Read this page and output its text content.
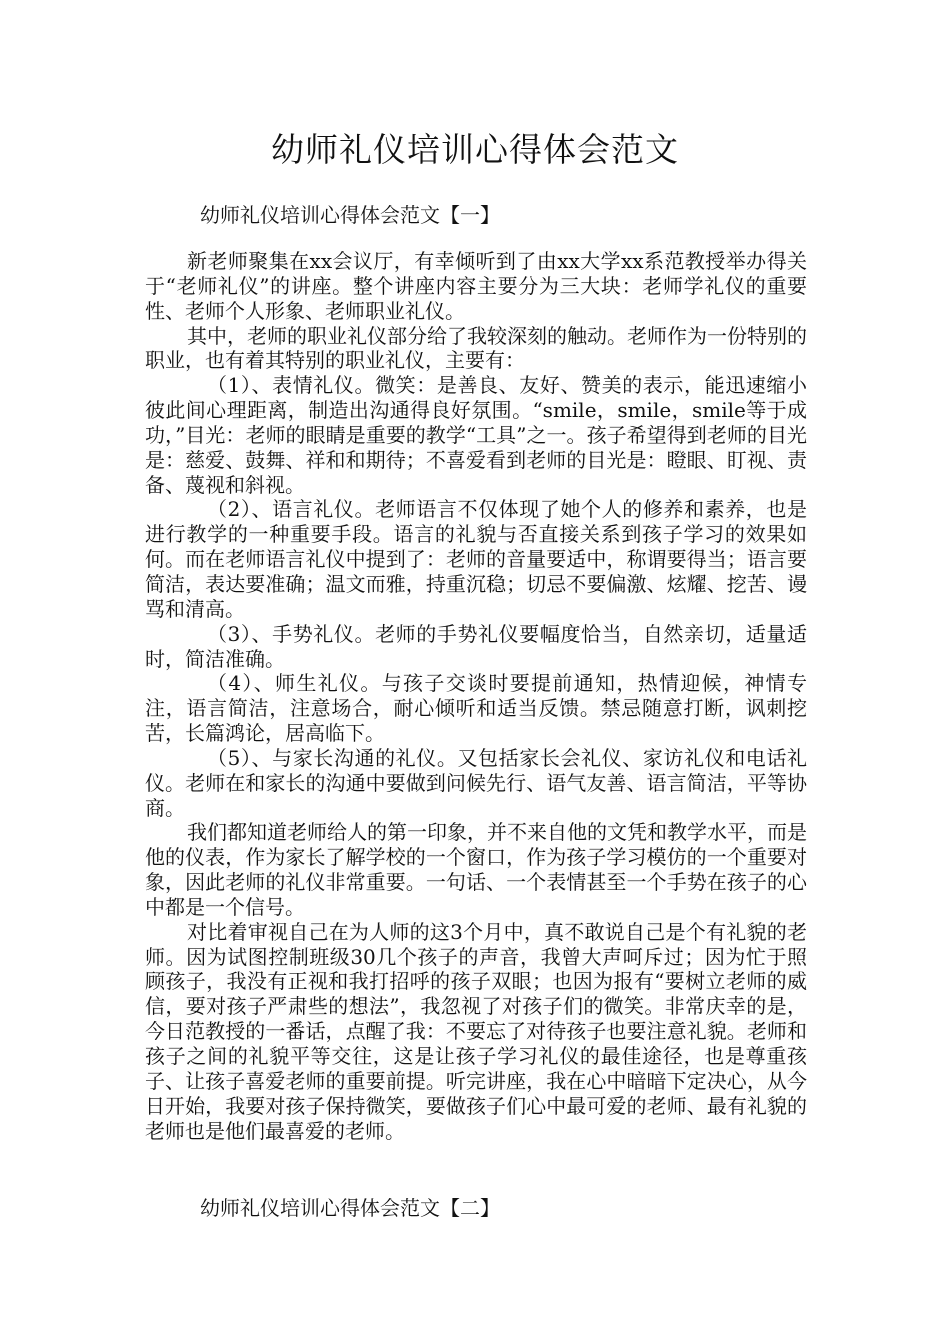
幼师礼仪培训心得体会范文
幼师礼仪培训心得体会范文【一】

新老师聚集在xx会议厅，有幸倾听到了由xx大学xx系范教授举办得关于“老师礼仪”的讲座。整个讲座内容主要分为三大块：老师学礼仪的重要性、老师个人形象、老师职业礼仪。

其中，老师的职业礼仪部分给了我较深刻的触动。老师作为一份特别的职业，也有着其特别的职业礼仪，主要有：

（1）、表情礼仪。微笑：是善良、友好、赞美的表示，能迅速缩小彼此间心理距离，制造出沟通得良好氛围。“smile，smile，smile等于成功，”目光：老师的眼睛是重要的教学“工具”之一。孩子希望得到老师的目光是：慈爱、鼓舞、祥和和期待；不喜爱看到老师的目光是：瞪眼、盯视、责备、蔑视和斜视。

（2）、语言礼仪。老师语言不仅体现了她个人的修养和素养，也是进行教学的一种重要手段。语言的礼貌与否直接关系到孩子学习的效果如何。而在老师语言礼仪中提到了：老师的音量要适中，称谓要得当；语言要简洁，表达要准确；温文而雅，持重沉稳；切忌不要偏激、炫耀、挖苦、谩骂和清高。

（3）、手势礼仪。老师的手势礼仪要幅度恰当，自然亲切，适量适时，简洁准确。

（4）、师生礼仪。与孩子交谈时要提前通知，热情迎候，神情专注，语言简洁，注意场合，耐心倾听和适当反馈。禁忌随意打断，讽刺挖苦，长篇鸿论，居高临下。

（5）、与家长沟通的礼仪。又包括家长会礼仪、家访礼仪和电话礼仪。老师在和家长的沟通中要做到问候先行、语气友善、语言简洁，平等协商。

我们都知道老师给人的第一印象，并不来自他的文凭和教学水平，而是他的仪表，作为家长了解学校的一个窗口，作为孩子学习模仿的一个重要对象，因此老师的礼仪非常重要。一句话、一个表情甚至一个手势在孩子的心中都是一个信号。

对比着审视自己在为人师的这3个月中，真不敢说自己是个有礼貌的老师。因为试图控制班级30几个孩子的声音，我曾大声呵斥过；因为忙于照顾孩子，我没有正视和我打招呼的孩子双眼；也因为报有“要树立老师的威信，要对孩子严肃些的想法”，我忽视了对孩子们的微笑。非常庆幸的是，今日范教授的一番话，点醒了我：不要忘了对待孩子也要注意礼貌。老师和孩子之间的礼貌平等交往，这是让孩子学习礼仪的最佳途径，也是尊重孩子、让孩子喜爱老师的重要前提。听完讲座，我在心中暗暗下定决心，从今日开始，我要对孩子保持微笑，要做孩子们心中最可爱的老师、最有礼貌的老师也是他们最喜爱的老师。

幼师礼仪培训心得体会范文【二】
